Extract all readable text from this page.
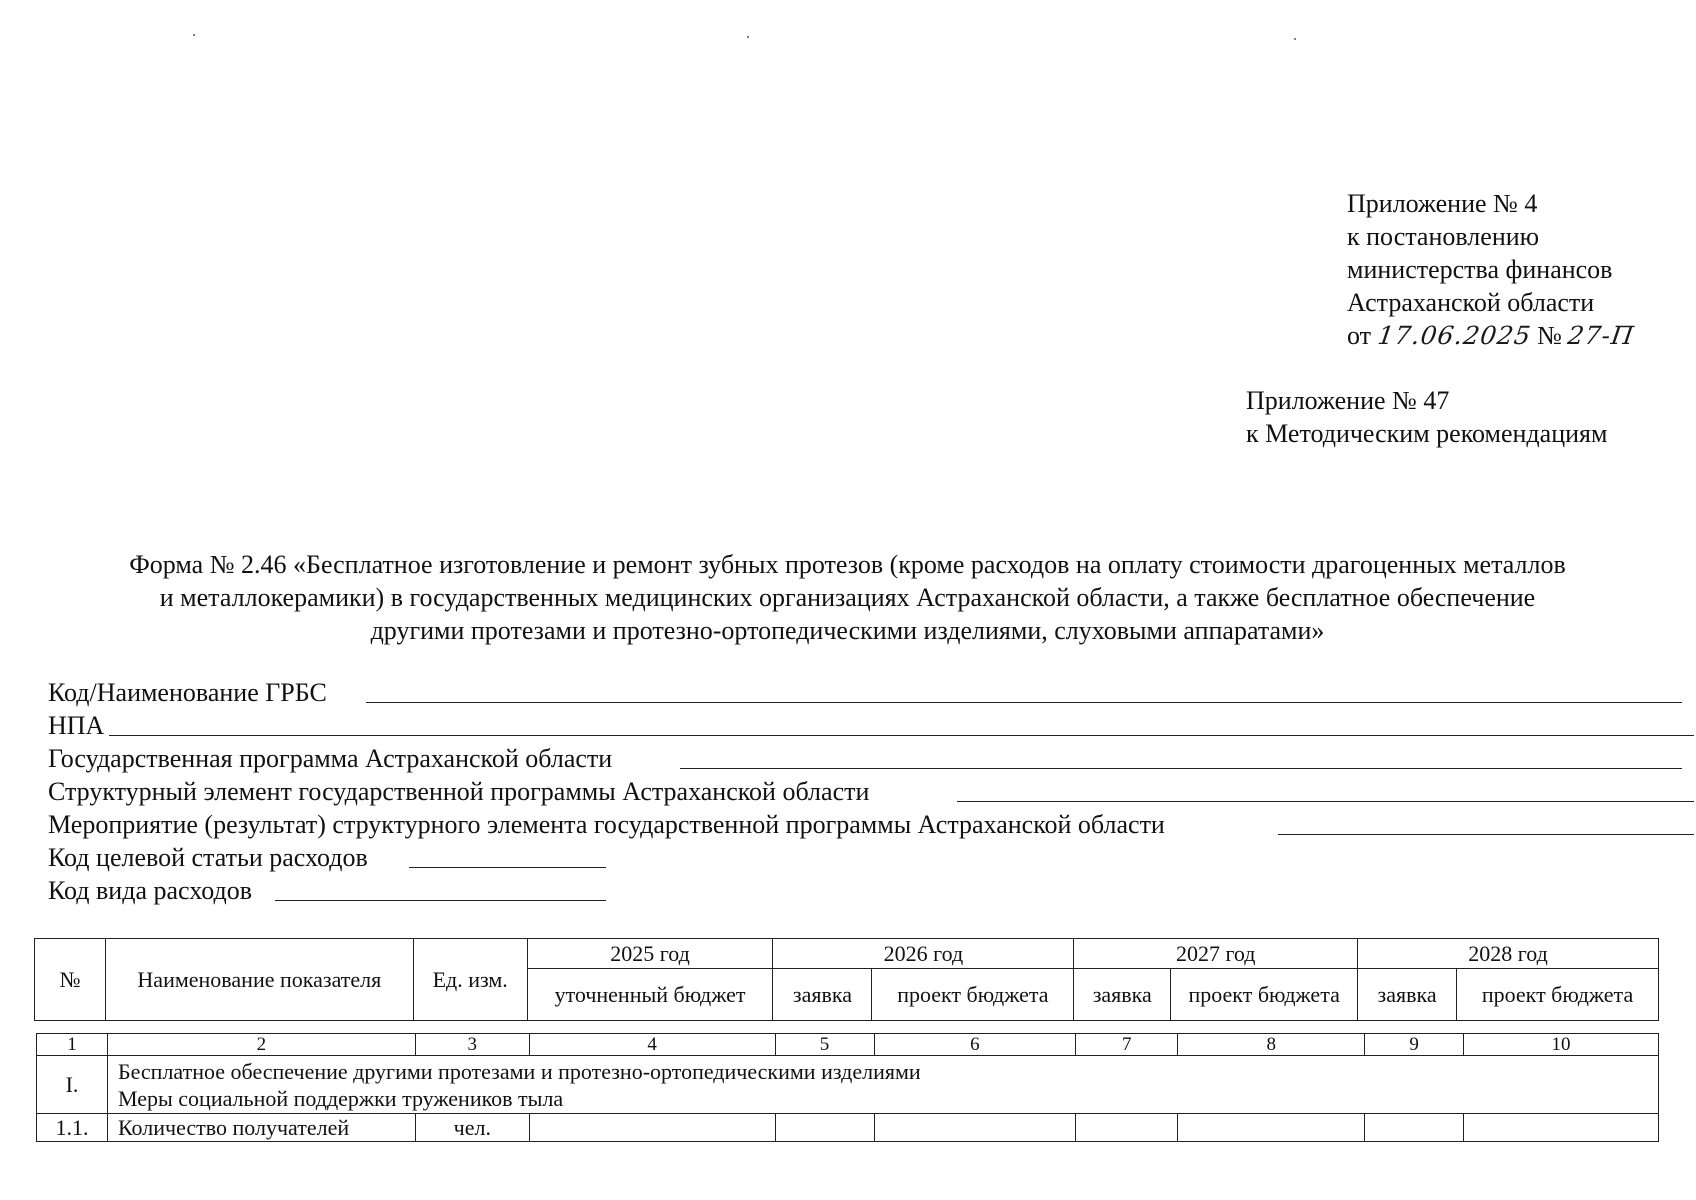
Приложение № 4
к постановлению
министерства финансов
Астраханской области
от 17.06.2025 № 27-П
Приложение № 47
к Методическим рекомендациям
Форма № 2.46 «Бесплатное изготовление и ремонт зубных протезов (кроме расходов на оплату стоимости драгоценных металлов
и металлокерамики) в государственных медицинских организациях Астраханской области, а также бесплатное обеспечение
другими протезами и протезно-ортопедическими изделиями, слуховыми аппаратами»
Код/Наименование ГРБС
НПА
Государственная программа Астраханской области
Структурный элемент государственной программы Астраханской области
Мероприятие (результат) структурного элемента государственной программы Астраханской области
Код целевой статьи расходов
Код вида расходов
№	Наименование показателя	Ед. изм.	2025 год	2026 год		2027 год		2028 год	
			уточненный бюджет	заявка	проект бюджета	заявка	проект бюджета	заявка	проект бюджета
1	2	3	4	5	6	7	8	9	10
I.	Бесплатное обеспечение другими протезами и протезно-ортопедическими изделиями
Меры социальной поддержки тружеников тыла								

1.1.	Количество получателей	чел.							
